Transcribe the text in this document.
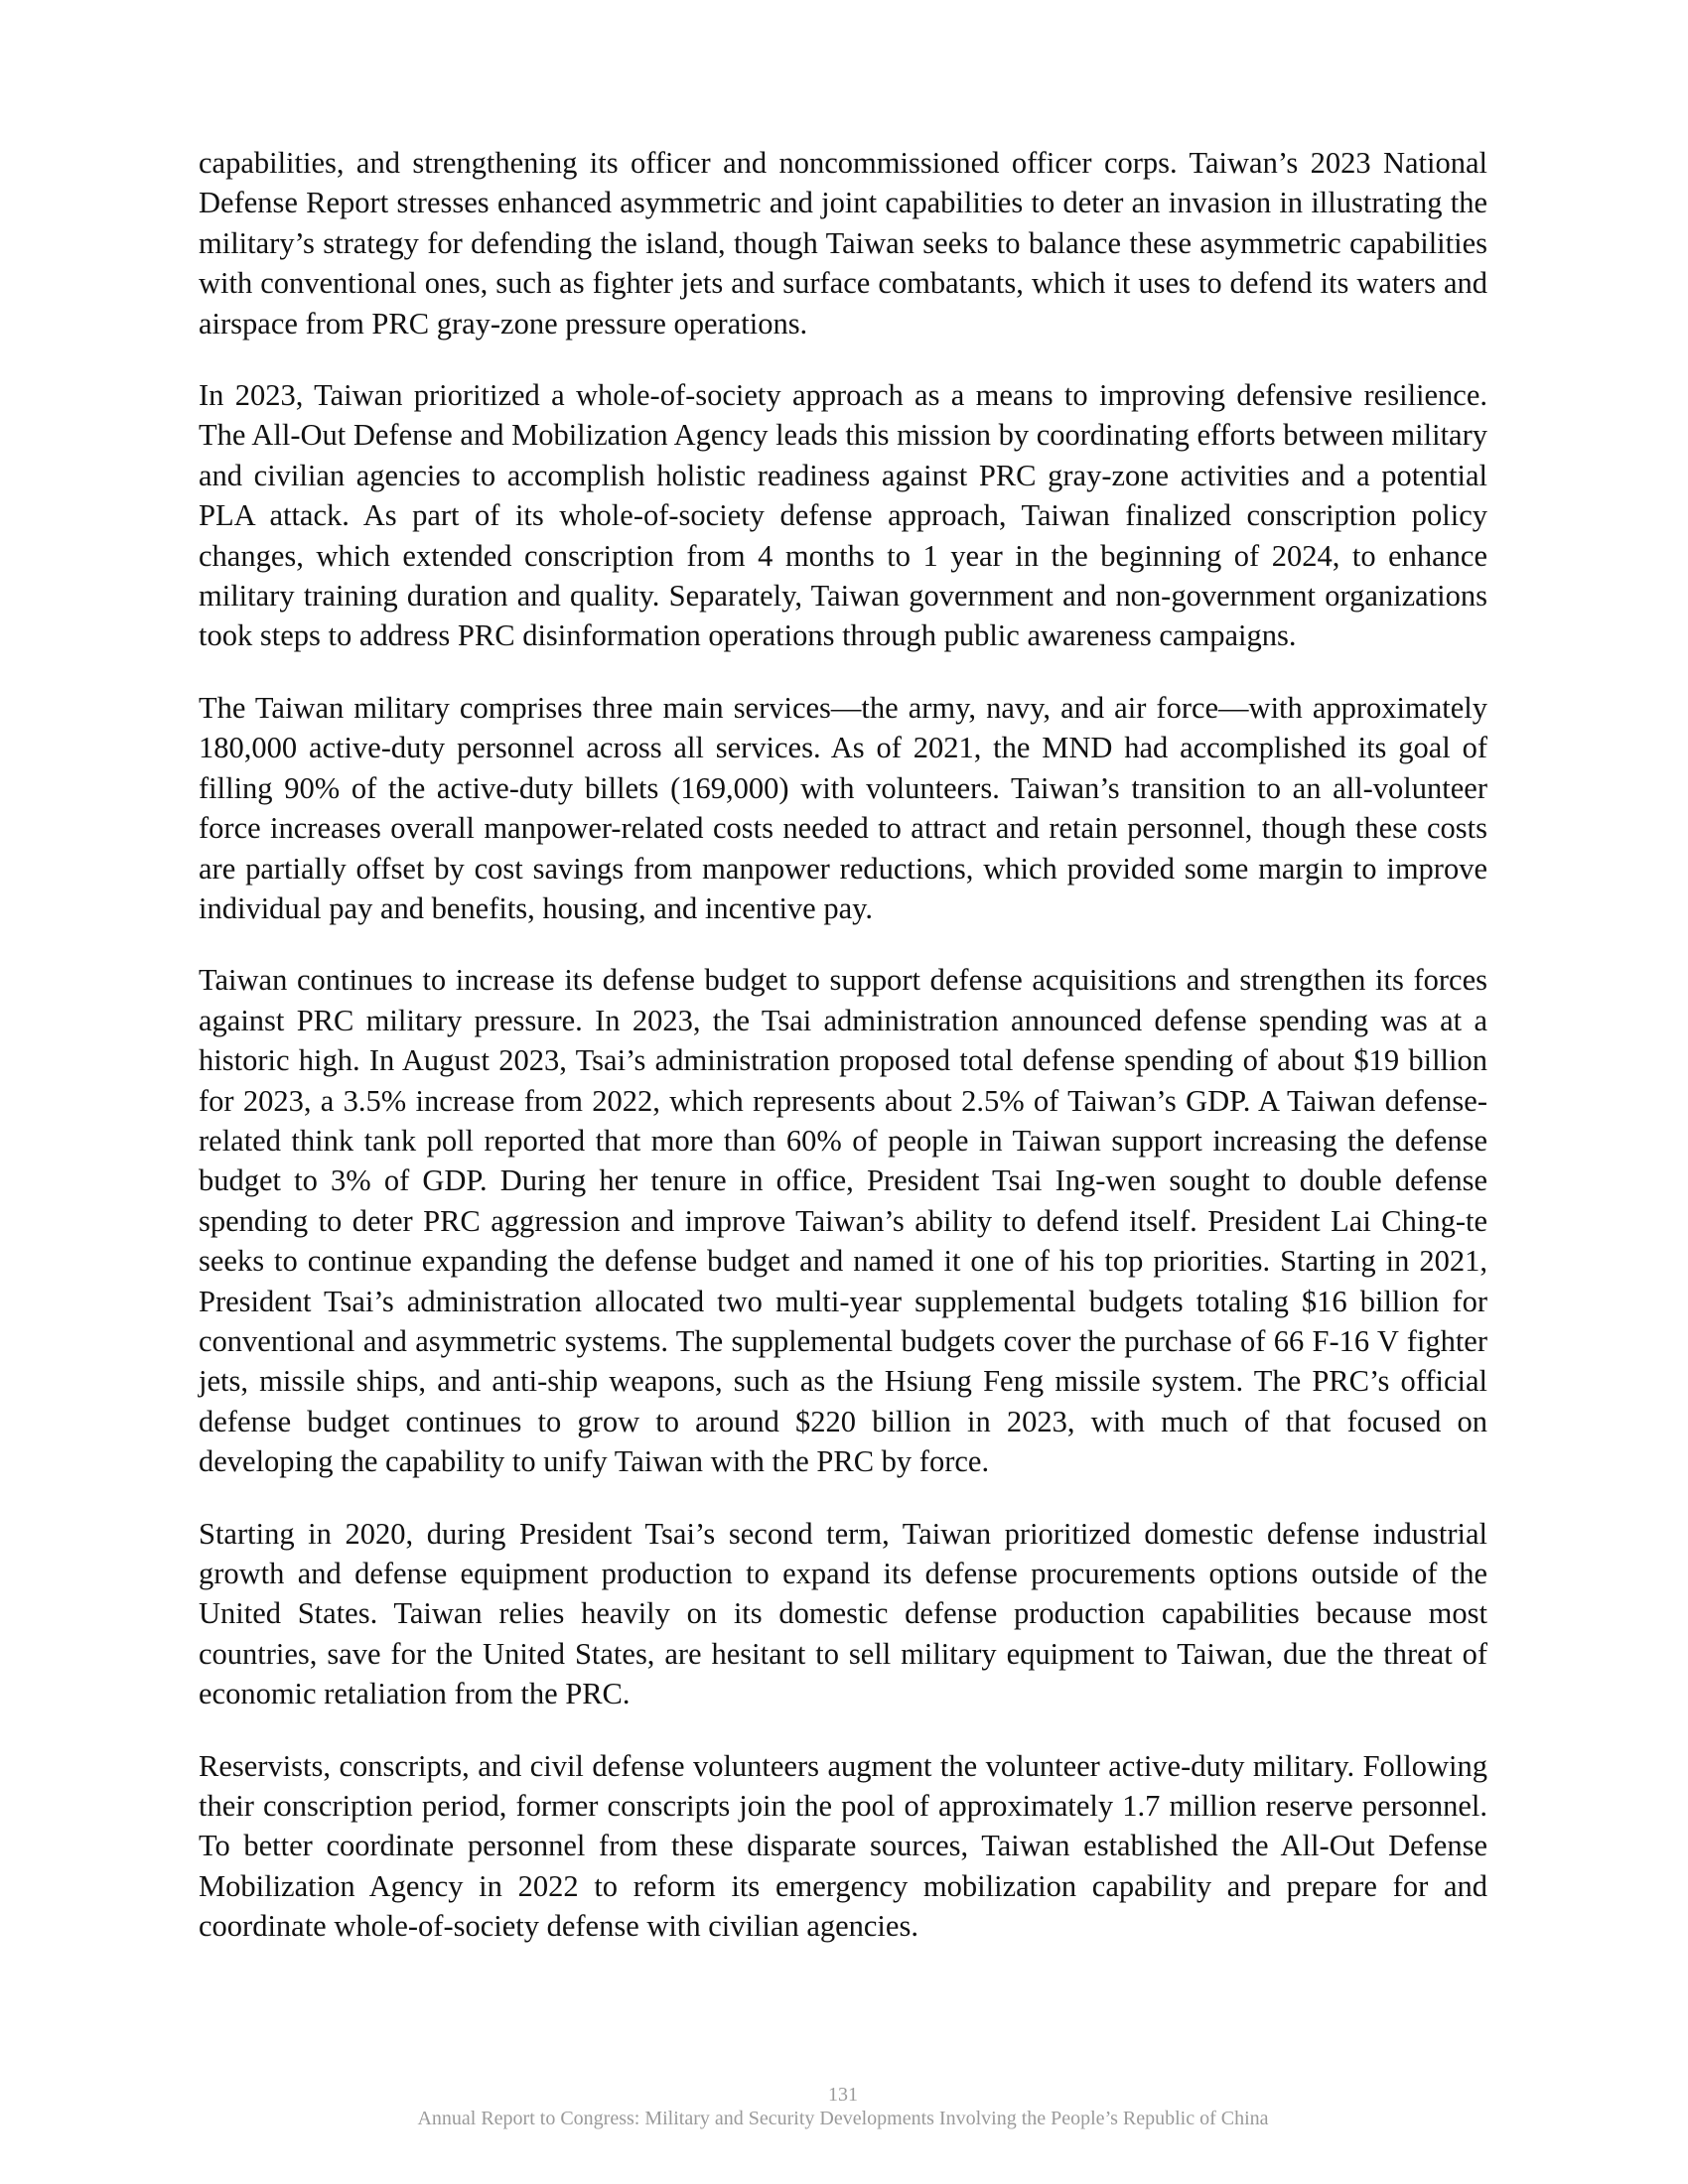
capabilities, and strengthening its officer and noncommissioned officer corps. Taiwan’s 2023 National Defense Report stresses enhanced asymmetric and joint capabilities to deter an invasion in illustrating the military’s strategy for defending the island, though Taiwan seeks to balance these asymmetric capabilities with conventional ones, such as fighter jets and surface combatants, which it uses to defend its waters and airspace from PRC gray-zone pressure operations.

In 2023, Taiwan prioritized a whole-of-society approach as a means to improving defensive resilience. The All-Out Defense and Mobilization Agency leads this mission by coordinating efforts between military and civilian agencies to accomplish holistic readiness against PRC gray-zone activities and a potential PLA attack. As part of its whole-of-society defense approach, Taiwan finalized conscription policy changes, which extended conscription from 4 months to 1 year in the beginning of 2024, to enhance military training duration and quality. Separately, Taiwan government and non-government organizations took steps to address PRC disinformation operations through public awareness campaigns.

The Taiwan military comprises three main services—the army, navy, and air force—with approximately 180,000 active-duty personnel across all services. As of 2021, the MND had accomplished its goal of filling 90% of the active-duty billets (169,000) with volunteers. Taiwan’s transition to an all-volunteer force increases overall manpower-related costs needed to attract and retain personnel, though these costs are partially offset by cost savings from manpower reductions, which provided some margin to improve individual pay and benefits, housing, and incentive pay.

Taiwan continues to increase its defense budget to support defense acquisitions and strengthen its forces against PRC military pressure. In 2023, the Tsai administration announced defense spending was at a historic high. In August 2023, Tsai’s administration proposed total defense spending of about $19 billion for 2023, a 3.5% increase from 2022, which represents about 2.5% of Taiwan’s GDP. A Taiwan defense-related think tank poll reported that more than 60% of people in Taiwan support increasing the defense budget to 3% of GDP. During her tenure in office, President Tsai Ing-wen sought to double defense spending to deter PRC aggression and improve Taiwan’s ability to defend itself. President Lai Ching-te seeks to continue expanding the defense budget and named it one of his top priorities. Starting in 2021, President Tsai’s administration allocated two multi-year supplemental budgets totaling $16 billion for conventional and asymmetric systems. The supplemental budgets cover the purchase of 66 F-16 V fighter jets, missile ships, and anti-ship weapons, such as the Hsiung Feng missile system. The PRC’s official defense budget continues to grow to around $220 billion in 2023, with much of that focused on developing the capability to unify Taiwan with the PRC by force.

Starting in 2020, during President Tsai’s second term, Taiwan prioritized domestic defense industrial growth and defense equipment production to expand its defense procurements options outside of the United States. Taiwan relies heavily on its domestic defense production capabilities because most countries, save for the United States, are hesitant to sell military equipment to Taiwan, due the threat of economic retaliation from the PRC.

Reservists, conscripts, and civil defense volunteers augment the volunteer active-duty military. Following their conscription period, former conscripts join the pool of approximately 1.7 million reserve personnel. To better coordinate personnel from these disparate sources, Taiwan established the All-Out Defense Mobilization Agency in 2022 to reform its emergency mobilization capability and prepare for and coordinate whole-of-society defense with civilian agencies.

131
Annual Report to Congress: Military and Security Developments Involving the People’s Republic of China
